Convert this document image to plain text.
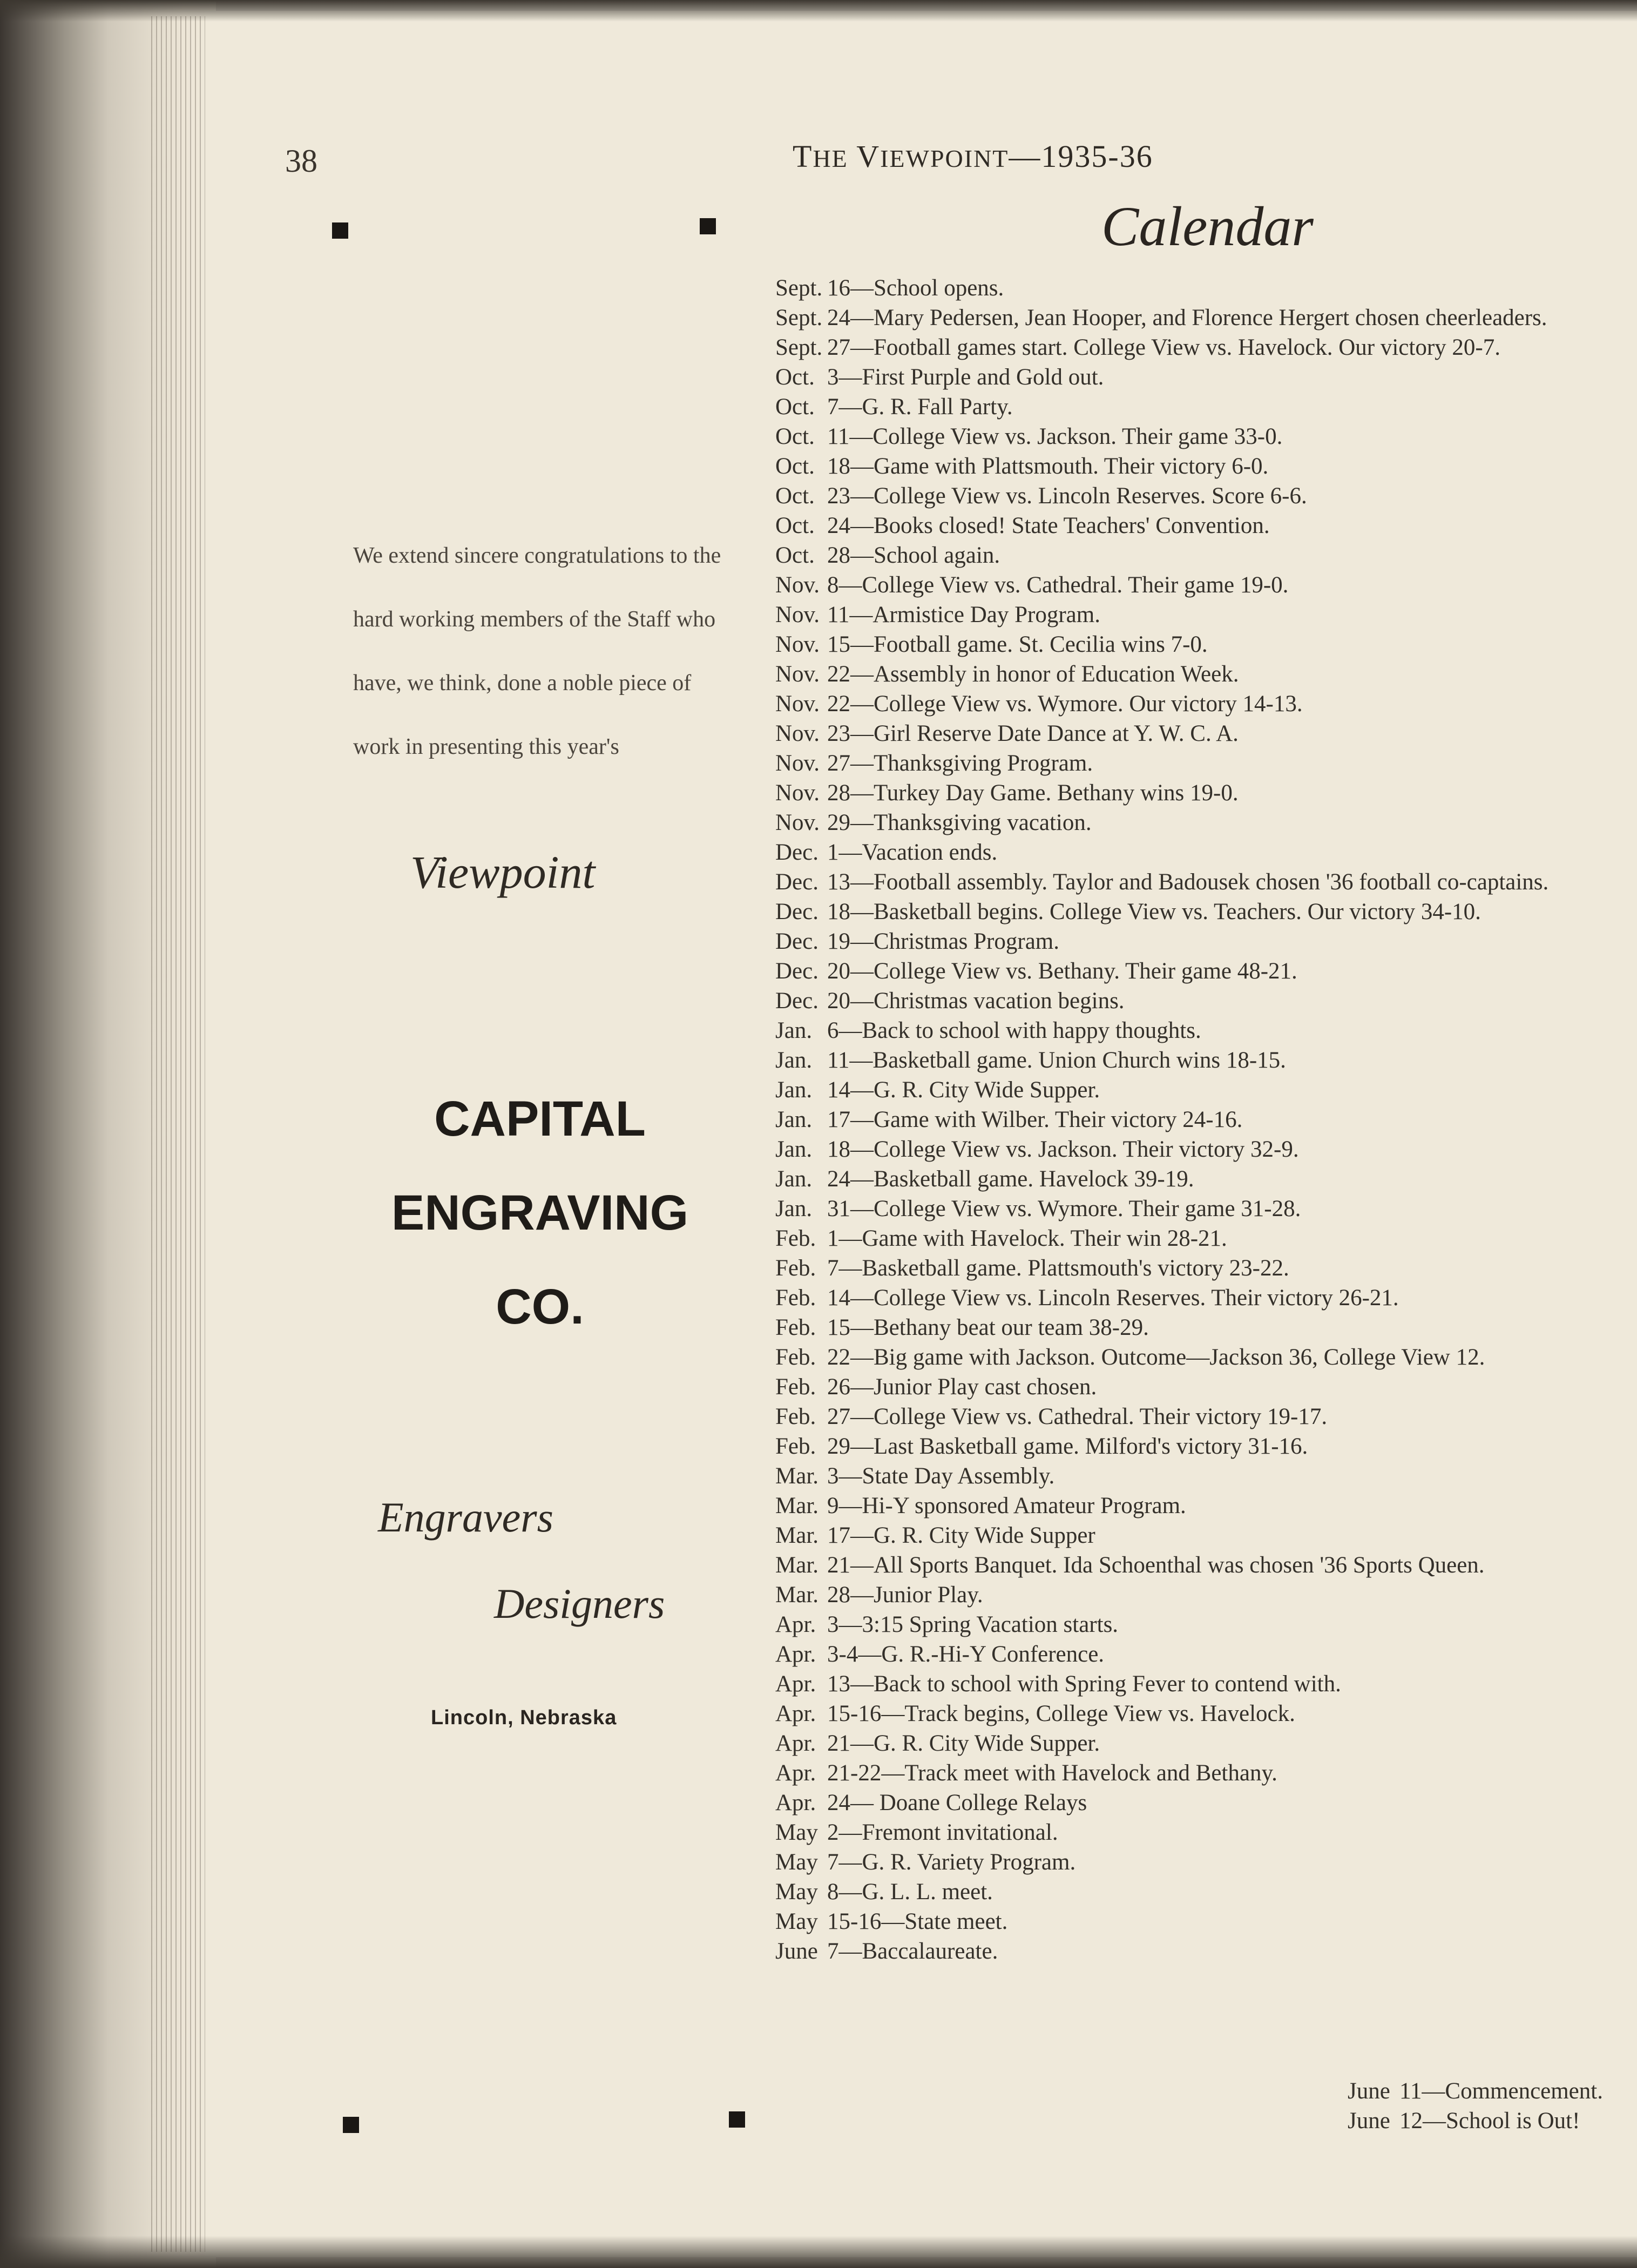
38	THE VIEWPOINT—1935-36
Calendar
We extend sincere congratulations to the hard working members of the Staff who have, we think, done a noble piece of work in presenting this year's
Viewpoint
CAPITAL
ENGRAVING
CO.
Engravers
Designers
Lincoln, Nebraska
Sept. 16—School opens.
Sept. 24—Mary Pedersen, Jean Hooper, and Florence Hergert chosen cheerleaders.
Sept. 27—Football games start. College View vs. Havelock. Our victory 20-7.
Oct. 3—First Purple and Gold out.
Oct. 7—G. R. Fall Party.
Oct. 11—College View vs. Jackson. Their game 33-0.
Oct. 18—Game with Plattsmouth. Their victory 6-0.
Oct. 23—College View vs. Lincoln Reserves. Score 6-6.
Oct. 24—Books closed! State Teachers' Convention.
Oct. 28—School again.
Nov. 8—College View vs. Cathedral. Their game 19-0.
Nov. 11—Armistice Day Program.
Nov. 15—Football game. St. Cecilia wins 7-0.
Nov. 22—Assembly in honor of Education Week.
Nov. 22—College View vs. Wymore. Our victory 14-13.
Nov. 23—Girl Reserve Date Dance at Y. W. C. A.
Nov. 27—Thanksgiving Program.
Nov. 28—Turkey Day Game. Bethany wins 19-0.
Nov. 29—Thanksgiving vacation.
Dec. 1—Vacation ends.
Dec. 13—Football assembly. Taylor and Badousek chosen '36 football co-captains.
Dec. 18—Basketball begins. College View vs. Teachers. Our victory 34-10.
Dec. 19—Christmas Program.
Dec. 20—College View vs. Bethany. Their game 48-21.
Dec. 20—Christmas vacation begins.
Jan. 6—Back to school with happy thoughts.
Jan. 11—Basketball game. Union Church wins 18-15.
Jan. 14—G. R. City Wide Supper.
Jan. 17—Game with Wilber. Their victory 24-16.
Jan. 18—College View vs. Jackson. Their victory 32-9.
Jan. 24—Basketball game. Havelock 39-19.
Jan. 31—College View vs. Wymore. Their game 31-28.
Feb. 1—Game with Havelock. Their win 28-21.
Feb. 7—Basketball game. Plattsmouth's victory 23-22.
Feb. 14—College View vs. Lincoln Reserves. Their victory 26-21.
Feb. 15—Bethany beat our team 38-29.
Feb. 22—Big game with Jackson. Outcome—Jackson 36, College View 12.
Feb. 26—Junior Play cast chosen.
Feb. 27—College View vs. Cathedral. Their victory 19-17.
Feb. 29—Last Basketball game. Milford's victory 31-16.
Mar. 3—State Day Assembly.
Mar. 9—Hi-Y sponsored Amateur Program.
Mar. 17—G. R. City Wide Supper
Mar. 21—All Sports Banquet. Ida Schoenthal was chosen '36 Sports Queen.
Mar. 28—Junior Play.
Apr. 3—3:15 Spring Vacation starts.
Apr. 3-4—G. R.-Hi-Y Conference.
Apr. 13—Back to school with Spring Fever to contend with.
Apr. 15-16—Track begins, College View vs. Havelock.
Apr. 21—G. R. City Wide Supper.
Apr. 21-22—Track meet with Havelock and Bethany.
Apr. 24— Doane College Relays
May 2—Fremont invitational.
May 7—G. R. Variety Program.
May 8—G. L. L. meet.
May 15-16—State meet.
June 7—Baccalaureate.
June 11—Commencement.
June 12—School is Out!
